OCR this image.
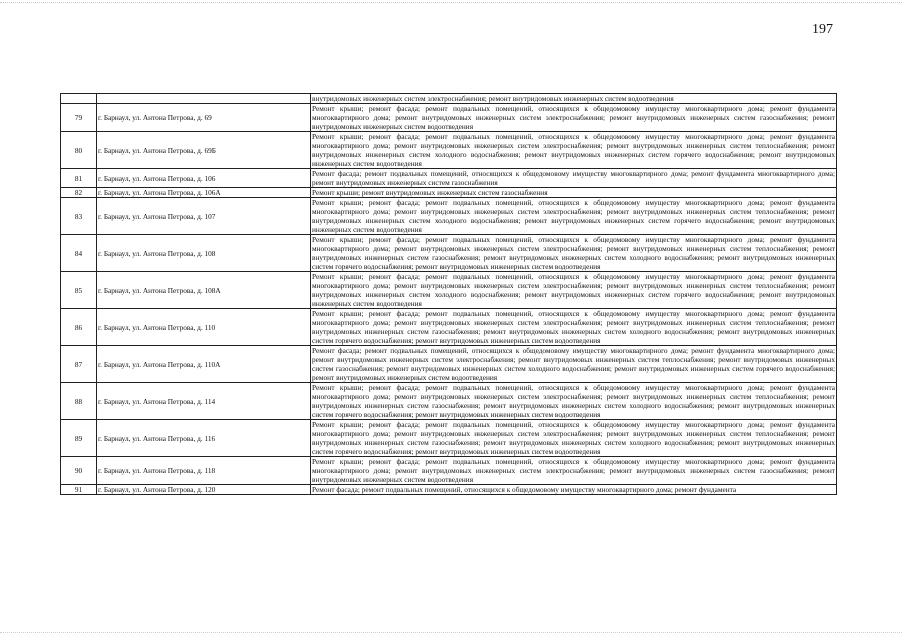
197
		внутридомовых инженерных систем электроснабжения; ремонт внутридомовых инженерных систем водоотведения
79	г. Барнаул, ул. Антона Петрова, д. 69	Ремонт крыши; ремонт фасада; ремонт подвальных помещений, относящихся к общедомовому имуществу многоквартирного дома; ремонт фундамента многоквартирного дома; ремонт внутридомовых инженерных систем электроснабжения; ремонт внутридомовых инженерных систем газоснабжения; ремонт внутридомовых инженерных систем водоотведения
80	г. Барнаул, ул. Антона Петрова, д. 69Б	Ремонт крыши; ремонт фасада; ремонт подвальных помещений, относящихся к общедомовому имуществу многоквартирного дома; ремонт фундамента многоквартирного дома; ремонт внутридомовых инженерных систем электроснабжения; ремонт внутридомовых инженерных систем теплоснабжения; ремонт внутридомовых инженерных систем холодного водоснабжения; ремонт внутридомовых инженерных систем горячего водоснабжения; ремонт внутридомовых инженерных систем водоотведения
81	г. Барнаул, ул. Антона Петрова, д. 106	Ремонт фасада; ремонт подвальных помещений, относящихся к общедомовому имуществу многоквартирного дома; ремонт фундамента многоквартирного дома; ремонт внутридомовых инженерных систем газоснабжения
82	г. Барнаул, ул. Антона Петрова, д. 106А	Ремонт крыши; ремонт внутридомовых инженерных систем газоснабжения
83	г. Барнаул, ул. Антона Петрова, д. 107	Ремонт крыши; ремонт фасада; ремонт подвальных помещений, относящихся к общедомовому имуществу многоквартирного дома; ремонт фундамента многоквартирного дома; ремонт внутридомовых инженерных систем электроснабжения; ремонт внутридомовых инженерных систем теплоснабжения; ремонт внутридомовых инженерных систем холодного водоснабжения; ремонт внутридомовых инженерных систем горячего водоснабжения; ремонт внутридомовых инженерных систем водоотведения
84	г. Барнаул, ул. Антона Петрова, д. 108	Ремонт крыши; ремонт фасада; ремонт подвальных помещений, относящихся к общедомовому имуществу многоквартирного дома; ремонт фундамента многоквартирного дома; ремонт внутридомовых инженерных систем электроснабжения; ремонт внутридомовых инженерных систем теплоснабжения; ремонт внутридомовых инженерных систем газоснабжения; ремонт внутридомовых инженерных систем холодного водоснабжения; ремонт внутридомовых инженерных систем горячего водоснабжения; ремонт внутридомовых инженерных систем водоотведения
85	г. Барнаул, ул. Антона Петрова, д. 108А	Ремонт крыши; ремонт фасада; ремонт подвальных помещений, относящихся к общедомовому имуществу многоквартирного дома; ремонт фундамента многоквартирного дома; ремонт внутридомовых инженерных систем электроснабжения; ремонт внутридомовых инженерных систем теплоснабжения; ремонт внутридомовых инженерных систем холодного водоснабжения; ремонт внутридомовых инженерных систем горячего водоснабжения; ремонт внутридомовых инженерных систем водоотведения
86	г. Барнаул, ул. Антона Петрова, д. 110	Ремонт крыши; ремонт фасада; ремонт подвальных помещений, относящихся к общедомовому имуществу многоквартирного дома; ремонт фундамента многоквартирного дома; ремонт внутридомовых инженерных систем электроснабжения; ремонт внутридомовых инженерных систем теплоснабжения; ремонт внутридомовых инженерных систем газоснабжения; ремонт внутридомовых инженерных систем холодного водоснабжения; ремонт внутридомовых инженерных систем горячего водоснабжения; ремонт внутридомовых инженерных систем водоотведения
87	г. Барнаул, ул. Антона Петрова, д. 110А	Ремонт фасада; ремонт подвальных помещений, относящихся к общедомовому имуществу многоквартирного дома; ремонт фундамента многоквартирного дома; ремонт внутридомовых инженерных систем электроснабжения; ремонт внутридомовых инженерных систем теплоснабжения; ремонт внутридомовых инженерных систем газоснабжения; ремонт внутридомовых инженерных систем холодного водоснабжения; ремонт внутридомовых инженерных систем горячего водоснабжения; ремонт внутридомовых инженерных систем водоотведения
88	г. Барнаул, ул. Антона Петрова, д. 114	Ремонт крыши; ремонт фасада; ремонт подвальных помещений, относящихся к общедомовому имуществу многоквартирного дома; ремонт фундамента многоквартирного дома; ремонт внутридомовых инженерных систем электроснабжения; ремонт внутридомовых инженерных систем теплоснабжения; ремонт внутридомовых инженерных систем газоснабжения; ремонт внутридомовых инженерных систем холодного водоснабжения; ремонт внутридомовых инженерных систем горячего водоснабжения; ремонт внутридомовых инженерных систем водоотведения
89	г. Барнаул, ул. Антона Петрова, д. 116	Ремонт крыши; ремонт фасада; ремонт подвальных помещений, относящихся к общедомовому имуществу многоквартирного дома; ремонт фундамента многоквартирного дома; ремонт внутридомовых инженерных систем электроснабжения; ремонт внутридомовых инженерных систем теплоснабжения; ремонт внутридомовых инженерных систем газоснабжения; ремонт внутридомовых инженерных систем холодного водоснабжения; ремонт внутридомовых инженерных систем горячего водоснабжения; ремонт внутридомовых инженерных систем водоотведения
90	г. Барнаул, ул. Антона Петрова, д. 118	Ремонт крыши; ремонт фасада; ремонт подвальных помещений, относящихся к общедомовому имуществу многоквартирного дома; ремонт фундамента многоквартирного дома; ремонт внутридомовых инженерных систем электроснабжения; ремонт внутридомовых инженерных систем газоснабжения; ремонт внутридомовых инженерных систем водоотведения
91	г. Барнаул, ул. Антона Петрова, д. 120	Ремонт фасада; ремонт подвальных помещений, относящихся к общедомовому имуществу многоквартирного дома; ремонт фундамента
